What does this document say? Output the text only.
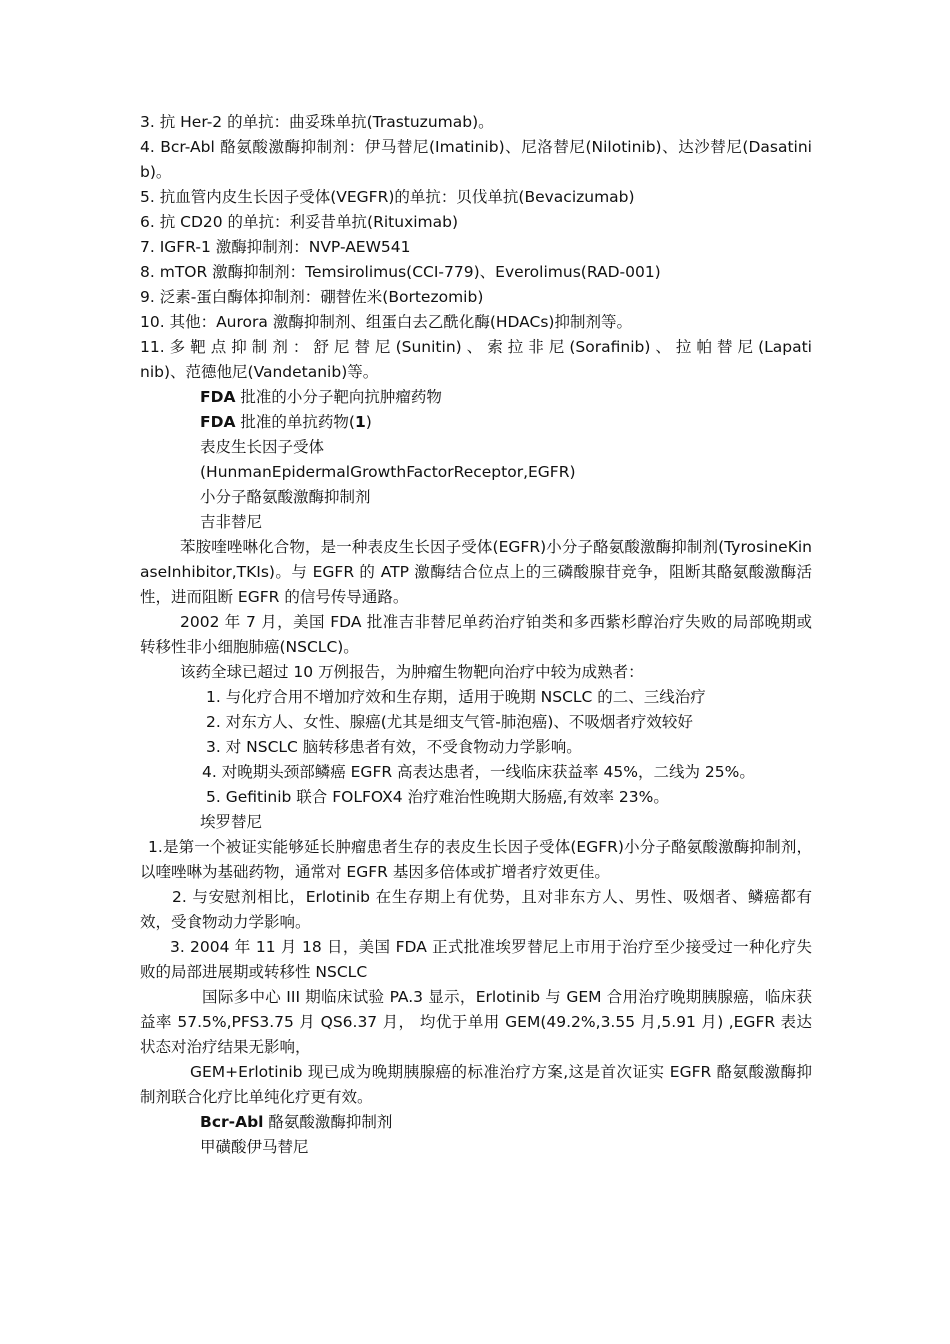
3. 抗 Her-2 的单抗：曲妥珠单抗(Trastuzumab)。
4. Bcr-Abl 酪氨酸激酶抑制剂：伊马替尼(Imatinib)、尼洛替尼(Nilotinib)、达沙替尼(Dasatinib)。
5. 抗血管内皮生长因子受体(VEGFR)的单抗：贝伐单抗(Bevacizumab)
6. 抗 CD20 的单抗：利妥昔单抗(Rituximab)
7. IGFR-1 激酶抑制剂：NVP-AEW541
8. mTOR 激酶抑制剂：Temsirolimus(CCI-779)、Everolimus(RAD-001)
9. 泛素-蛋白酶体抑制剂：硼替佐米(Bortezomib)
10. 其他：Aurora 激酶抑制剂、组蛋白去乙酰化酶(HDACs)抑制剂等。
11. 多 靶 点 抑 制 剂 ： 舒 尼 替 尼 (Sunitin) 、 索 拉 非 尼 (Sorafinib) 、 拉 帕 替 尼 (Lapatinib)、范德他尼(Vandetanib)等。
FDA 批准的小分子靶向抗肿瘤药物
FDA 批准的单抗药物(1)
表皮生长因子受体
(HunmanEpidermalGrowthFactorReceptor,EGFR)
小分子酪氨酸激酶抑制剂
吉非替尼
苯胺喹唑啉化合物，是一种表皮生长因子受体(EGFR)小分子酪氨酸激酶抑制剂(TyrosineKinaseInhibitor,TKIs)。与 EGFR 的 ATP 激酶结合位点上的三磷酸腺苷竞争，阻断其酪氨酸激酶活性，进而阻断 EGFR 的信号传导通路。
2002 年 7 月，美国 FDA 批准吉非替尼单药治疗铂类和多西紫杉醇治疗失败的局部晚期或转移性非小细胞肺癌(NSCLC)。
该药全球已超过 10 万例报告，为肿瘤生物靶向治疗中较为成熟者：
1. 与化疗合用不增加疗效和生存期，适用于晚期 NSCLC 的二、三线治疗
2. 对东方人、女性、腺癌(尤其是细支气管-肺泡癌)、不吸烟者疗效较好
3. 对 NSCLC 脑转移患者有效，不受食物动力学影响。
4. 对晚期头颈部鳞癌 EGFR 高表达患者，一线临床获益率 45%，二线为 25%。
5. Gefitinib 联合 FOLFOX4 治疗难治性晚期大肠癌,有效率 23%。
埃罗替尼
1.是第一个被证实能够延长肿瘤患者生存的表皮生长因子受体(EGFR)小分子酪氨酸激酶抑制剂，以喹唑啉为基础药物，通常对 EGFR 基因多倍体或扩增者疗效更佳。
2. 与安慰剂相比，Erlotinib 在生存期上有优势，且对非东方人、男性、吸烟者、鳞癌都有效，受食物动力学影响。
3. 2004 年 11 月 18 日，美国 FDA 正式批准埃罗替尼上市用于治疗至少接受过一种化疗失败的局部进展期或转移性 NSCLC
国际多中心 III 期临床试验 PA.3 显示，Erlotinib 与 GEM 合用治疗晚期胰腺癌，临床获益率 57.5%,PFS3.75 月 QS6.37 月， 均优于单用 GEM(49.2%,3.55 月,5.91 月) ,EGFR 表达状态对治疗结果无影响，
GEM+Erlotinib 现已成为晚期胰腺癌的标准治疗方案,这是首次证实 EGFR 酪氨酸激酶抑制剂联合化疗比单纯化疗更有效。
Bcr-Abl 酪氨酸激酶抑制剂
甲磺酸伊马替尼
